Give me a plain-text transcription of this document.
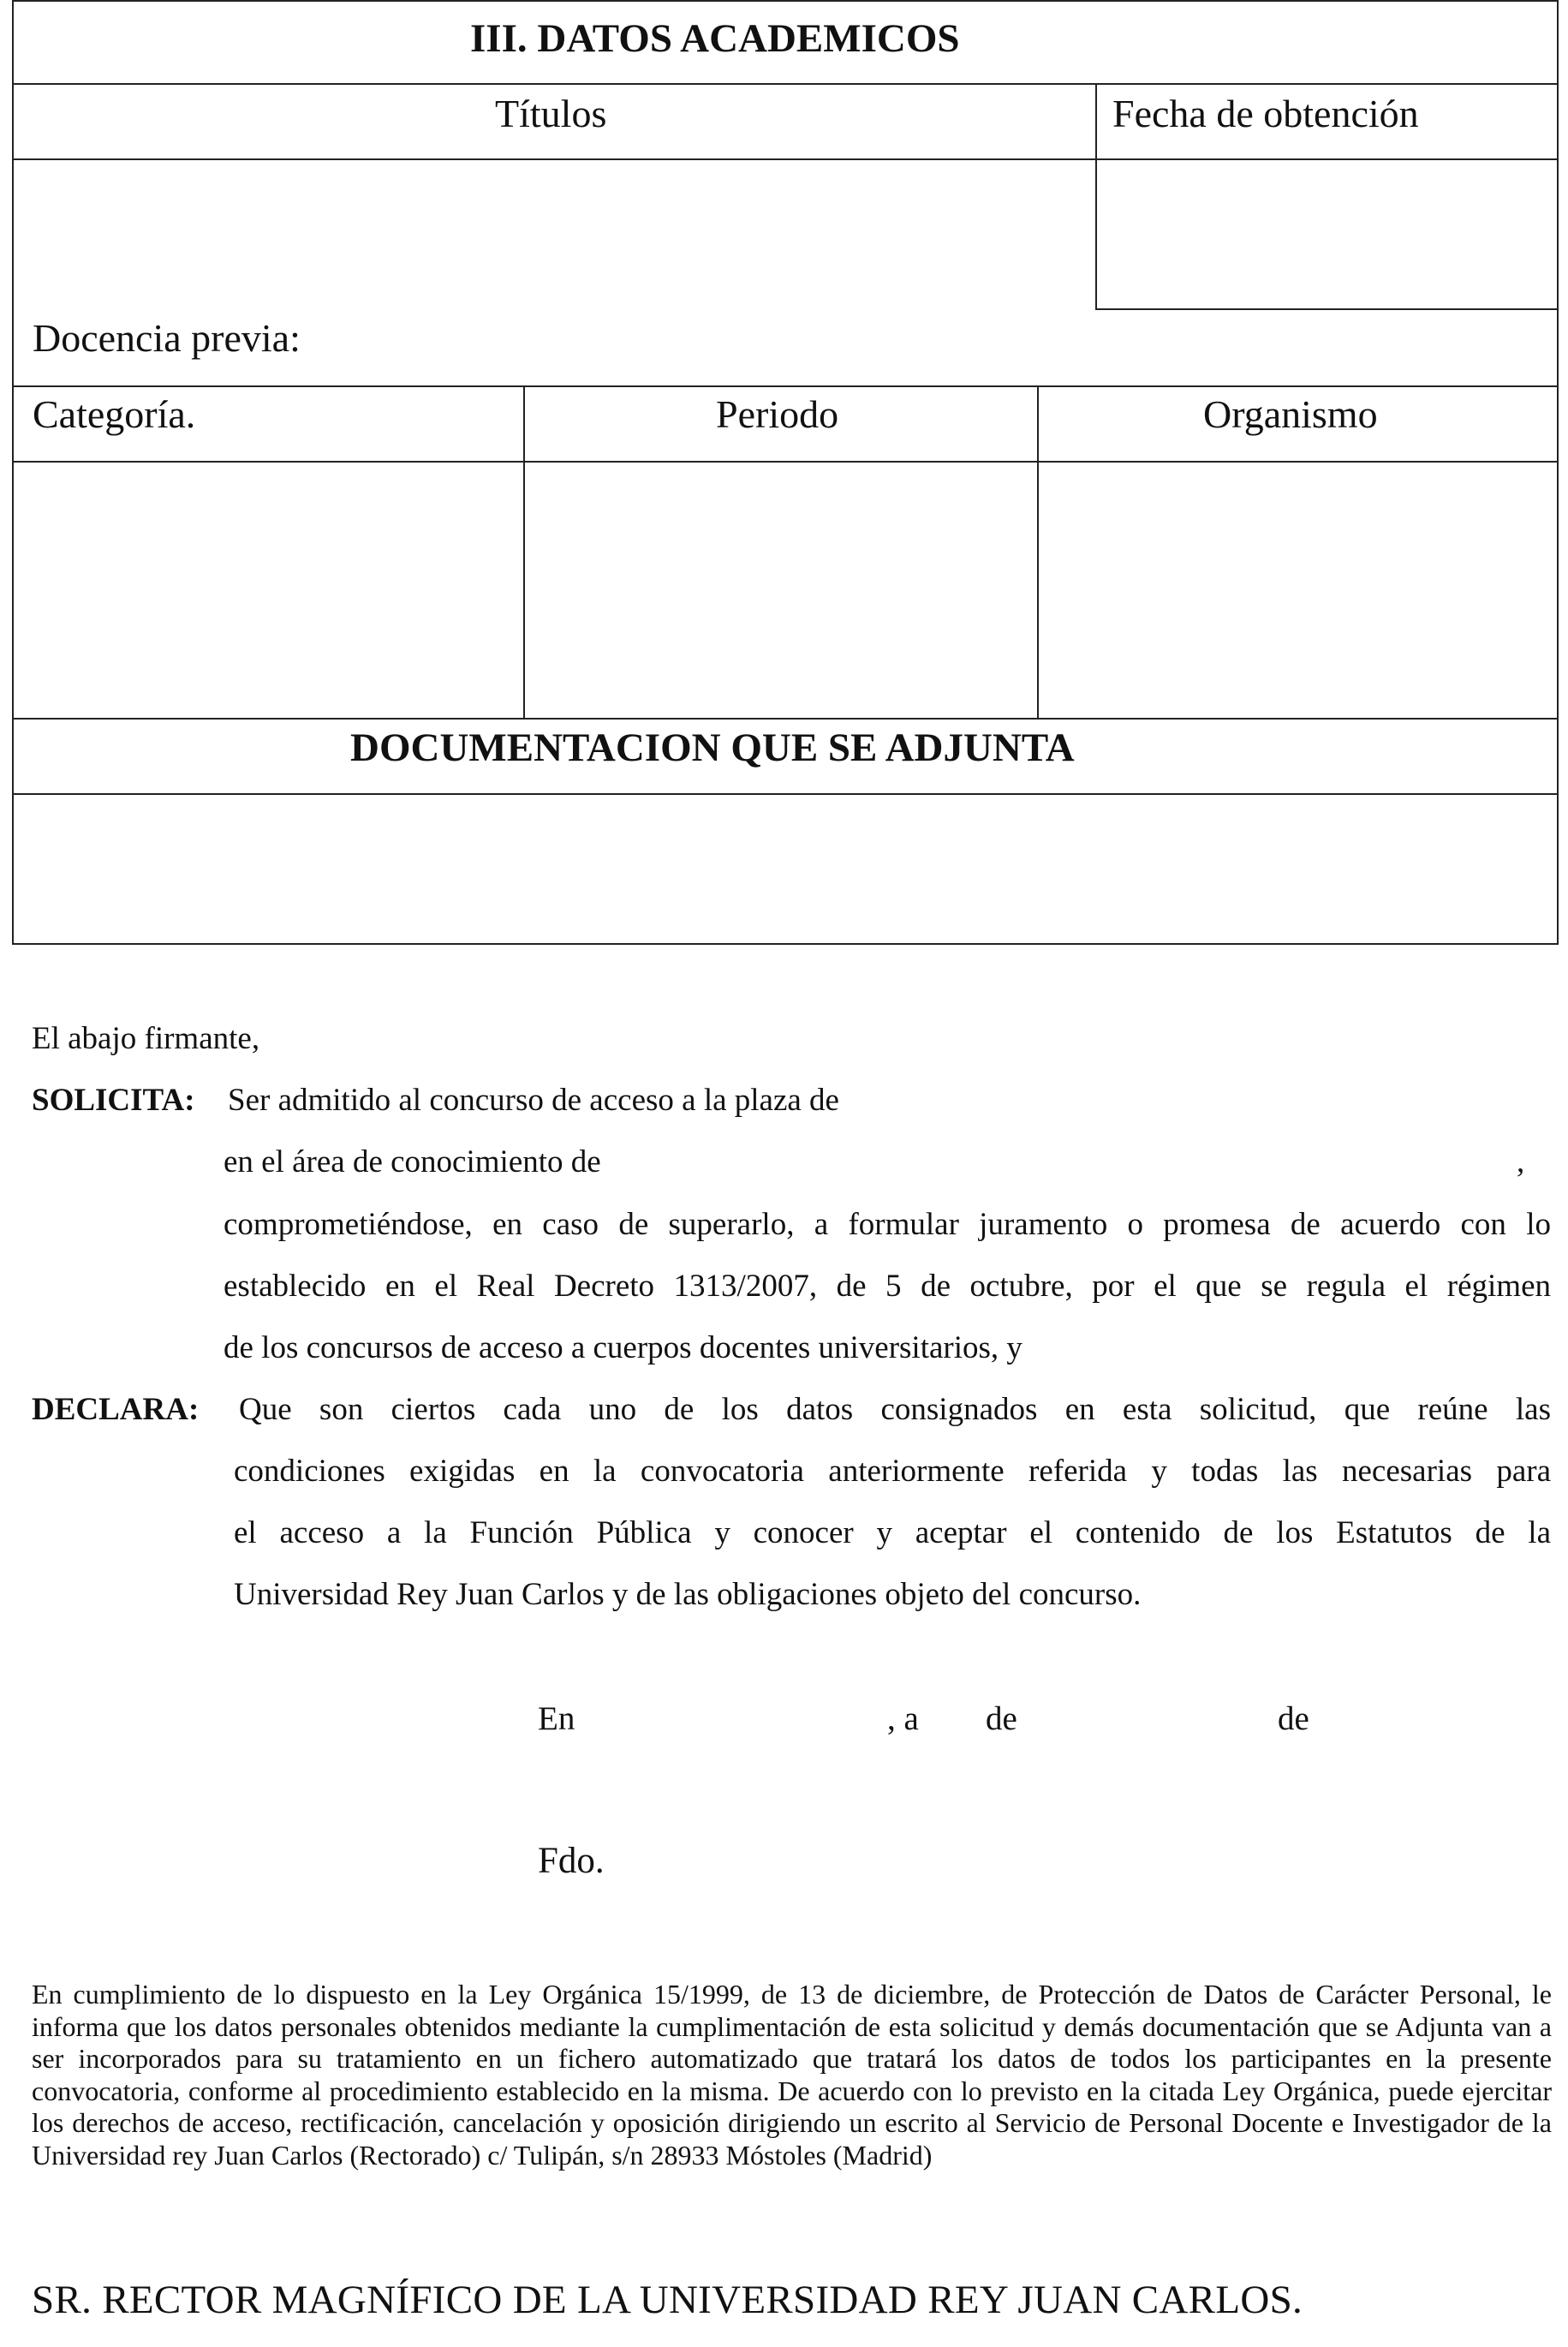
III. DATOS ACADEMICOS
Títulos	Fecha de obtención
Docencia previa:
Categoría.	Periodo	Organismo
DOCUMENTACION QUE SE ADJUNTA
El abajo firmante,
SOLICITA: Ser admitido al concurso de acceso a la plaza de
en el área de conocimiento de	,
comprometiéndose, en caso de superarlo, a formular juramento o promesa de acuerdo con lo
establecido en el Real Decreto 1313/2007, de 5 de octubre, por el que se regula el régimen
de los concursos de acceso a cuerpos docentes universitarios, y
DECLARA: Que son ciertos cada uno de los datos consignados en esta solicitud, que reúne las
condiciones exigidas en la convocatoria anteriormente referida y todas las necesarias para
el acceso a la Función Pública y conocer y aceptar el contenido de los Estatutos de la
Universidad Rey Juan Carlos y de las obligaciones objeto del concurso.
En	, a de	de
Fdo.
En cumplimiento de lo dispuesto en la Ley Orgánica 15/1999, de 13 de diciembre, de Protección de Datos de Carácter Personal, le informa que los datos personales obtenidos mediante la cumplimentación de esta solicitud y demás documentación que se Adjunta van a ser incorporados para su tratamiento en un fichero automatizado que tratará los datos de todos los participantes en la presente convocatoria, conforme al procedimiento establecido en la misma. De acuerdo con lo previsto en la citada Ley Orgánica, puede ejercitar los derechos de acceso, rectificación, cancelación y oposición dirigiendo un escrito al Servicio de Personal Docente e Investigador de la Universidad rey Juan Carlos (Rectorado) c/ Tulipán, s/n 28933 Móstoles (Madrid)
SR. RECTOR MAGNÍFICO DE LA UNIVERSIDAD REY JUAN CARLOS.
